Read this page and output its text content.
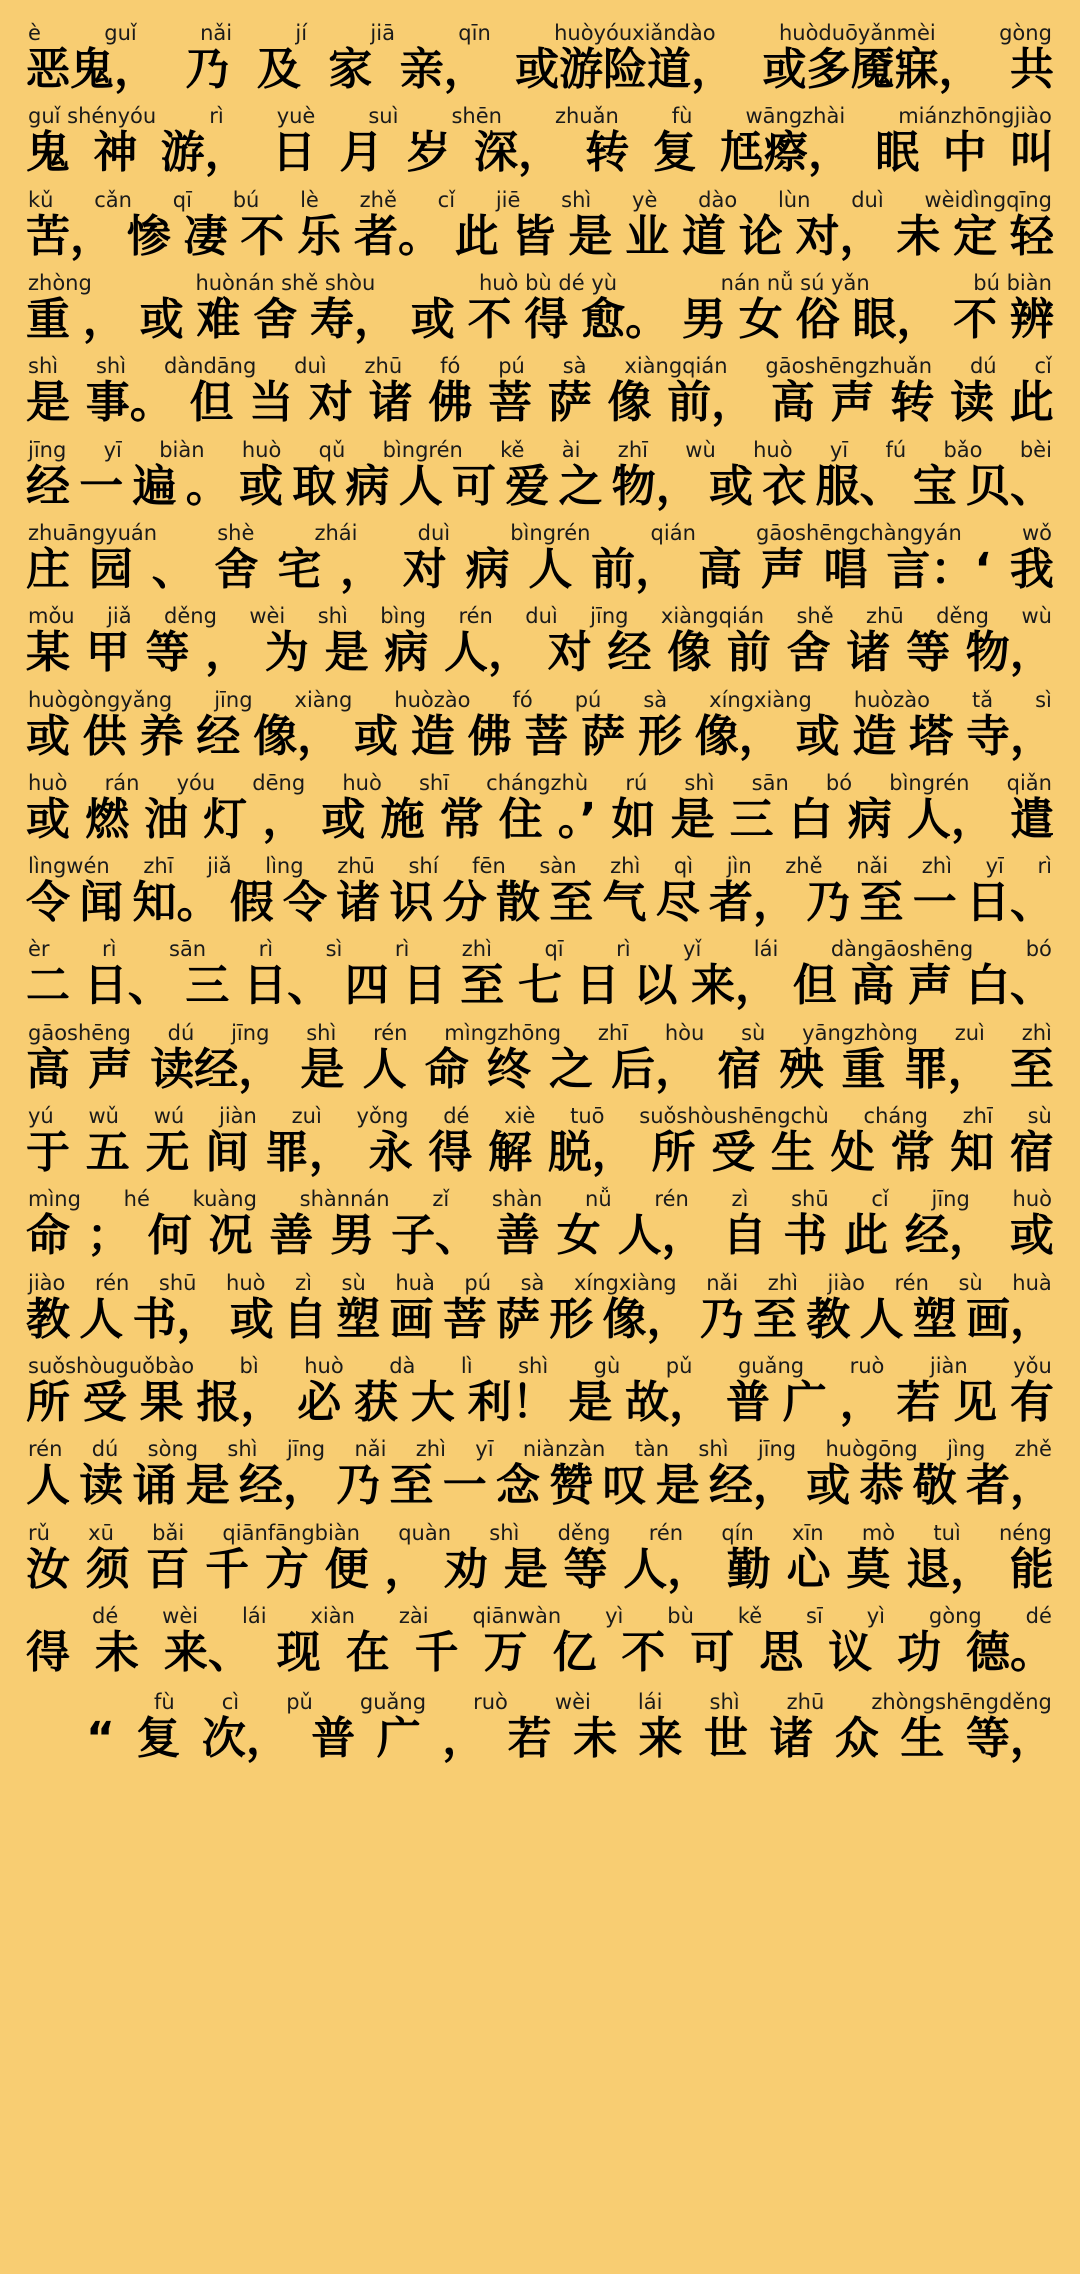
è	guǐ	nǎi	jí	jiā	qīn	huòyóuxiǎndào	huòduōyǎnmèi	gòng
恶鬼， 乃 及 家 亲， 或游险道， 或多魇寐， 共
guǐ shényóu	rì	yuè	suì	shēn	zhuǎn	fù	wāngzhài	miánzhōngjiào
鬼 神 游， 日 月 岁 深， 转 复 尪瘵， 眠 中 叫
kǔ cǎn qī bú lè zhě cǐ jiē shì yè dào lùn duì wèidìngqīng
苦， 惨 凄 不 乐 者。 此 皆 是 业 道 论 对， 未 定 轻
zhòng	huònán shě shòu	huò bù dé yù	nán nǚ sú yǎn	bú biàn
重 ， 或 难 舍 寿， 或 不 得 愈。 男 女 俗 眼， 不 辨
shì shì dàndāng duì zhū fó pú sà xiàngqián gāoshēngzhuǎn dú cǐ
是 事。 但 当 对 诸 佛 菩 萨 像 前， 高 声 转 读 此
jīng yī biàn huò qǔ bìngrén kě ài zhī wù huò yī fú bǎo bèi
经 一 遍 。 或 取 病 人 可 爱 之 物， 或 衣 服、 宝 贝、
zhuāngyuán	shè	zhái	duì	bìngrén	qián	gāoshēngchàngyán	wǒ
庄 园 、 舍 宅 ， 对 病 人 前， 高 声 唱 言：‘ 我
mǒu jiǎ děng wèi shì bìng rén duì jīng xiàngqián shě zhū děng wù
某 甲 等 ， 为 是 病 人， 对 经 像 前 舍 诸 等 物，
huògòngyǎng jīng xiàng huòzào fó pú sà xíngxiàng huòzào tǎ sì
或 供 养 经 像， 或 造 佛 菩 萨 形 像， 或 造 塔 寺，
huò rán yóu dēng huò shī chángzhù rú shì sān bó bìngrén qiǎn
或 燃 油 灯 ， 或 施 常 住 。’ 如 是 三 白 病 人， 遣
lìngwén zhī jiǎ lìng zhū shí fēn sàn zhì qì jìn zhě nǎi zhì yī rì
令 闻 知。 假 令 诸 识 分 散 至 气 尽 者， 乃 至 一 日、
èr rì sān rì sì rì zhì qī rì yǐ lái dàngāoshēng bó
二 日、 三 日、 四 日 至 七 日 以 来， 但 高 声 白、
gāoshēng dú jīng shì rén mìngzhōng zhī hòu sù yāngzhòng zuì zhì
高 声 读经， 是 人 命 终 之 后， 宿 殃 重 罪， 至
yú wǔ wú jiàn zuì yǒng dé xiè tuō suǒshòushēngchù cháng zhī sù
于 五 无 间 罪， 永 得 解 脱， 所 受 生 处 常 知 宿
mìng hé kuàng shànnán zǐ shàn nǚ rén zì shū cǐ jīng huò
命 ； 何 况 善 男 子、 善 女 人， 自 书 此 经， 或
jiào rén shū huò zì sù huà pú sà xíngxiàng nǎi zhì jiào rén sù huà
教 人 书， 或 自 塑 画 菩 萨 形 像， 乃 至 教 人 塑 画，
suǒshòuguǒbào bì huò dà lì shì gù pǔ guǎng ruò jiàn yǒu
所 受 果 报， 必 获 大 利！ 是 故， 普 广 ， 若 见 有
rén dú sòng shì jīng nǎi zhì yī niànzàn tàn shì jīng huògōng jìng zhě
人 读 诵 是 经， 乃 至 一 念 赞 叹 是 经， 或 恭 敬 者，
rǔ xū bǎi qiānfāngbiàn quàn shì děng rén qín xīn mò tuì néng
汝 须 百 千 方 便 ， 劝 是 等 人， 勤 心 莫 退， 能
dé wèi lái xiàn zài qiānwàn yì bù kě sī yì gòng dé
得 未 来、 现 在 千 万 亿 不 可 思 议 功 德。
fù cì pǔ guǎng ruò wèi lái shì zhū zhòngshēngděng
“ 复 次， 普 广 ， 若 未 来 世 诸 众 生 等，
